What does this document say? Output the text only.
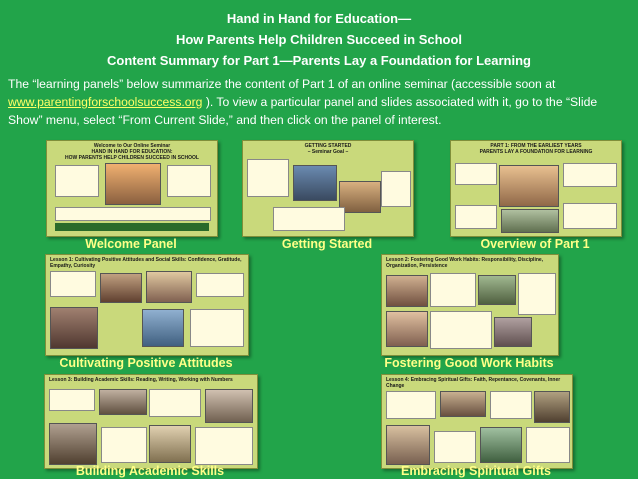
Hand in Hand for Education—
How Parents Help Children Succeed in School
Content Summary for Part 1—Parents Lay a Foundation for Learning
The “learning panels” below summarize the content of Part 1 of an online seminar (accessible soon at
www.parentingforschoolsuccess.org ). To view a particular panel and slides associated with it, go to the “Slide Show” menu, select “From Current Slide,” and then click on the panel of interest.
Welcome to Our Online Seminar
HAND IN HAND FOR EDUCATION:
HOW PARENTS HELP CHILDREN SUCCEED IN SCHOOL
GETTING STARTED
– Seminar Goal –
PART 1: FROM THE EARLIEST YEARS
PARENTS LAY A FOUNDATION FOR LEARNING
Welcome Panel	Getting Started	Overview of Part 1
Lesson 1: Cultivating Positive Attitudes and Social Skills: Confidence, Gratitude, Empathy, Curiosity
Lesson 2: Fostering Good Work Habits: Responsibility, Discipline, Organization, Persistence
Cultivating Positive Attitudes	Fostering Good Work Habits
Lesson 3: Building Academic Skills: Reading, Writing, Working with Numbers	Lesson 4: Embracing Spiritual Gifts: Faith, Repentance, Covenants, Inner Change
Building Academic Skills	Embracing Spiritual Gifts
